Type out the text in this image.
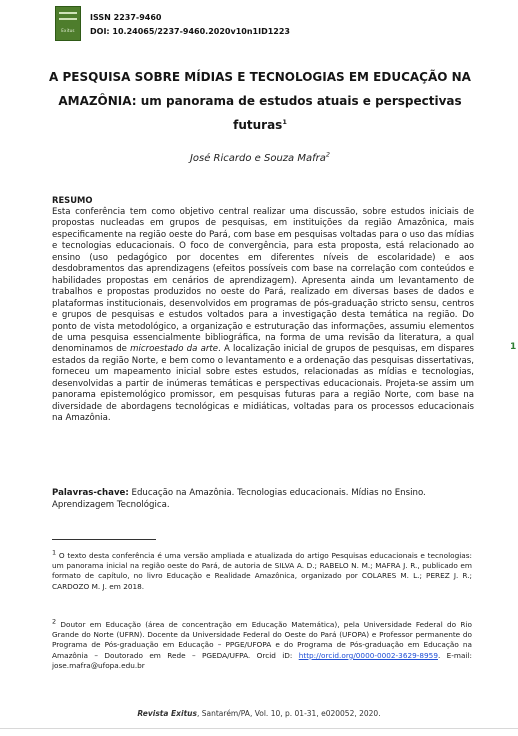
Exitus
ISSN 2237-9460
DOI: 10.24065/2237-9460.2020v10n1ID1223
A PESQUISA SOBRE MÍDIAS E TECNOLOGIAS EM EDUCAÇÃO NA
AMAZÔNIA: um panorama de estudos atuais e perspectivas
futuras$^1$
José Ricardo e Souza Mafra$^2$
RESUMO
Esta conferência tem como objetivo central realizar uma discussão, sobre estudos iniciais de propostas nucleadas em grupos de pesquisas, em instituições da região Amazônica, mais especificamente na região oeste do Pará, com base em pesquisas voltadas para o uso das mídias e tecnologias educacionais. O foco de convergência, para esta proposta, está relacionado ao ensino (uso pedagógico por docentes em diferentes níveis de escolaridade) e aos desdobramentos das aprendizagens (efeitos possíveis com base na correlação com conteúdos e habilidades propostas em cenários de aprendizagem). Apresenta ainda um levantamento de trabalhos e propostas produzidos no oeste do Pará, realizado em diversas bases de dados e plataformas institucionais, desenvolvidos em programas de pós-graduação stricto sensu, centros e grupos de pesquisas e estudos voltados para a investigação desta temática na região. Do ponto de vista metodológico, a organização e estruturação das informações, assumiu elementos de uma pesquisa essencialmente bibliográfica, na forma de uma revisão da literatura, a qual denominamos de microestado da arte. A localização inicial de grupos de pesquisas, em dispares estados da região Norte, e bem como o levantamento e a ordenação das pesquisas dissertativas, forneceu um mapeamento inicial sobre estes estudos, relacionadas as mídias e tecnologias, desenvolvidas a partir de inúmeras temáticas e perspectivas educacionais. Projeta-se assim um panorama epistemológico promissor, em pesquisas futuras para a região Norte, com base na diversidade de abordagens tecnológicas e midiáticas, voltadas para os processos educacionais na Amazônia.
Palavras-chave: Educação na Amazônia. Tecnologias educacionais. Mídias no Ensino. Aprendizagem Tecnológica.
1
1 O texto desta conferência é uma versão ampliada e atualizada do artigo Pesquisas educacionais e tecnologias: um panorama inicial na região oeste do Pará, de autoria de SILVA A. D.; RABELO N. M.; MAFRA J. R., publicado em formato de capítulo, no livro Educação e Realidade Amazônica, organizado por COLARES M. L.; PEREZ J. R.; CARDOZO M. J. em 2018.
2 Doutor em Educação (área de concentração em Educação Matemática), pela Universidade Federal do Rio Grande do Norte (UFRN). Docente da Universidade Federal do Oeste do Pará (UFOPA) e Professor permanente do Programa de Pós-graduação em Educação – PPGE/UFOPA e do Programa de Pós-graduação em Educação na Amazônia – Doutorado em Rede – PGEDA/UFPA. Orcid iD: http://orcid.org/0000-0002-3629-8959. E-mail: jose.mafra@ufopa.edu.br
Revista Exitus, Santarém/PA, Vol. 10, p. 01-31, e020052, 2020.
